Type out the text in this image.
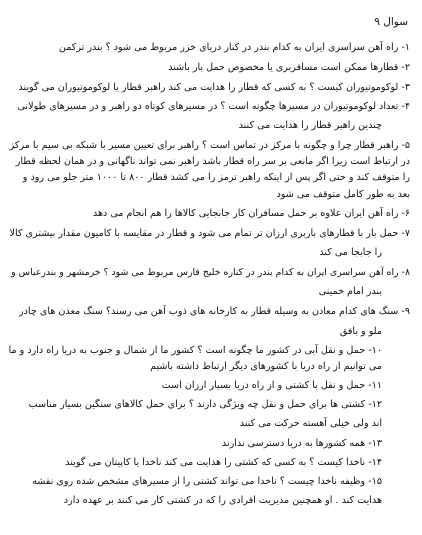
سوال ۹
۱- راه آهن سراسری ایران به کدام بندر در کنار دریای خزر مربوط می شود ؟ بندر ترکمن
۲- قطارها ممکن است مسافربری یا مخصوص حمل بار باشند
۳- لوکوموتیوران کیست ؟ به کسی که قطار را هدایت می کند راهبر قطار یا لوکوموتیوران می گویند
۴- تعداد لوکوموتیوران در مسیرها چگونه است ؟ در مسیرهای کوتاه دو راهبر و در مسیرهای طولانی
چندین راهبر قطار را هدایت می کنند
۵- راهبر قطار چرا و چگونه با مرکز در تماس است ؟ راهبر برای تعیین مسیر با شبکه بی سیم با مرکز
در ارتباط است زیرا اگر مانعی بر سر راه قطار باشد راهبر نمی تواند ناگهانی و در همان لحظه قطار
را متوقف کند و حتی اگر پس از اینکه راهبر ترمز را می کشد قطار ۸۰۰ تا ۱۰۰۰ متر جلو می رود و
بعد به طور کامل متوقف می شود
۶- راه آهن ایران علاوه بر حمل مسافران کار جابجایی کالاها را هم انجام می دهد
۷- حمل بار با قطارهای باربری ارزان تر تمام می شود و قطار در مقایسه با کامیون مقدار بیشتری کالا
را جابجا می کند
۸- راه آهن سراسری ایران به کدام بندر در کناره خلیج فارس مربوط می شود ؟ خرمشهر و بندرعباس و
بندر امام خمینی
۹- سنگ های کدام معادن به وسیله قطار به کارخانه های ذوب آهن می رسند؟ سنگ معدن های چادر
ملو و بافق
۱۰- حمل و نقل آبی در کشور ما چگونه است ؟ کشور ما از شمال و جنوب به دریا راه دارد و ما
می توانیم از راه دریا با کشورهای دیگر ارتباط داشته باشیم
۱۱- حمل و نقل با کشتی و از راه دریا بسیار ارزان است
۱۲- کشتی ها برای حمل و نقل چه ویژگی دارند ؟ برای حمل کالاهای سنگین بسیار مناسب
اند ولی خیلی آهسته حرکت می کنند
۱۳- همه کشورها به دریا دسترسی ندارند
۱۴- ناخدا کیست ؟ به کسی که کشتی را هدایت می کند ناخدا یا کاپیتان می گویند
۱۵- وظیفه ناخدا چیست ؟ ناخدا می تواند کشتی را از مسیرهای مشخص شده روی نقشه
هدایت کند . او همچنین مدیریت افرادی را که در کشتی کار می کنند بر عهده دارد
